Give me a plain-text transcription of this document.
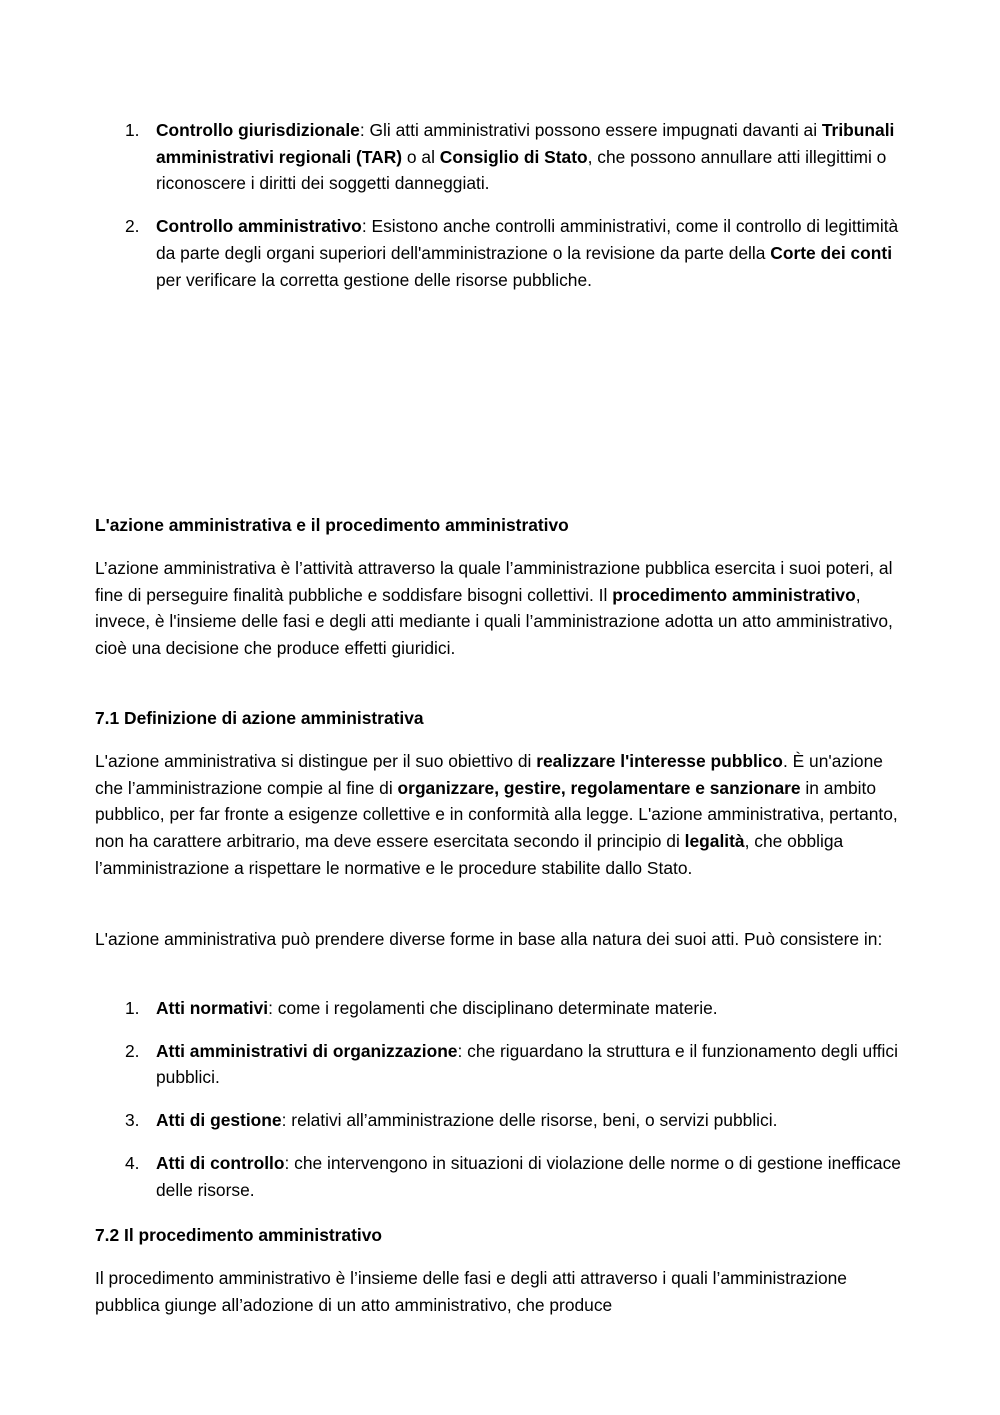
1. Controllo giurisdizionale: Gli atti amministrativi possono essere impugnati davanti ai Tribunali amministrativi regionali (TAR) o al Consiglio di Stato, che possono annullare atti illegittimi o riconoscere i diritti dei soggetti danneggiati.

2. Controllo amministrativo: Esistono anche controlli amministrativi, come il controllo di legittimità da parte degli organi superiori dell'amministrazione o la revisione da parte della Corte dei conti per verificare la corretta gestione delle risorse pubbliche.

L'azione amministrativa e il procedimento amministrativo

L’azione amministrativa è l’attività attraverso la quale l’amministrazione pubblica esercita i suoi poteri, al fine di perseguire finalità pubbliche e soddisfare bisogni collettivi. Il procedimento amministrativo, invece, è l'insieme delle fasi e degli atti mediante i quali l’amministrazione adotta un atto amministrativo, cioè una decisione che produce effetti giuridici.

7.1 Definizione di azione amministrativa

L'azione amministrativa si distingue per il suo obiettivo di realizzare l'interesse pubblico. È un'azione che l’amministrazione compie al fine di organizzare, gestire, regolamentare e sanzionare in ambito pubblico, per far fronte a esigenze collettive e in conformità alla legge. L'azione amministrativa, pertanto, non ha carattere arbitrario, ma deve essere esercitata secondo il principio di legalità, che obbliga l’amministrazione a rispettare le normative e le procedure stabilite dallo Stato.

L'azione amministrativa può prendere diverse forme in base alla natura dei suoi atti. Può consistere in:

1. Atti normativi: come i regolamenti che disciplinano determinate materie.

2. Atti amministrativi di organizzazione: che riguardano la struttura e il funzionamento degli uffici pubblici.

3. Atti di gestione: relativi all’amministrazione delle risorse, beni, o servizi pubblici.

4. Atti di controllo: che intervengono in situazioni di violazione delle norme o di gestione inefficace delle risorse.

7.2 Il procedimento amministrativo

Il procedimento amministrativo è l’insieme delle fasi e degli atti attraverso i quali l’amministrazione pubblica giunge all’adozione di un atto amministrativo, che produce
